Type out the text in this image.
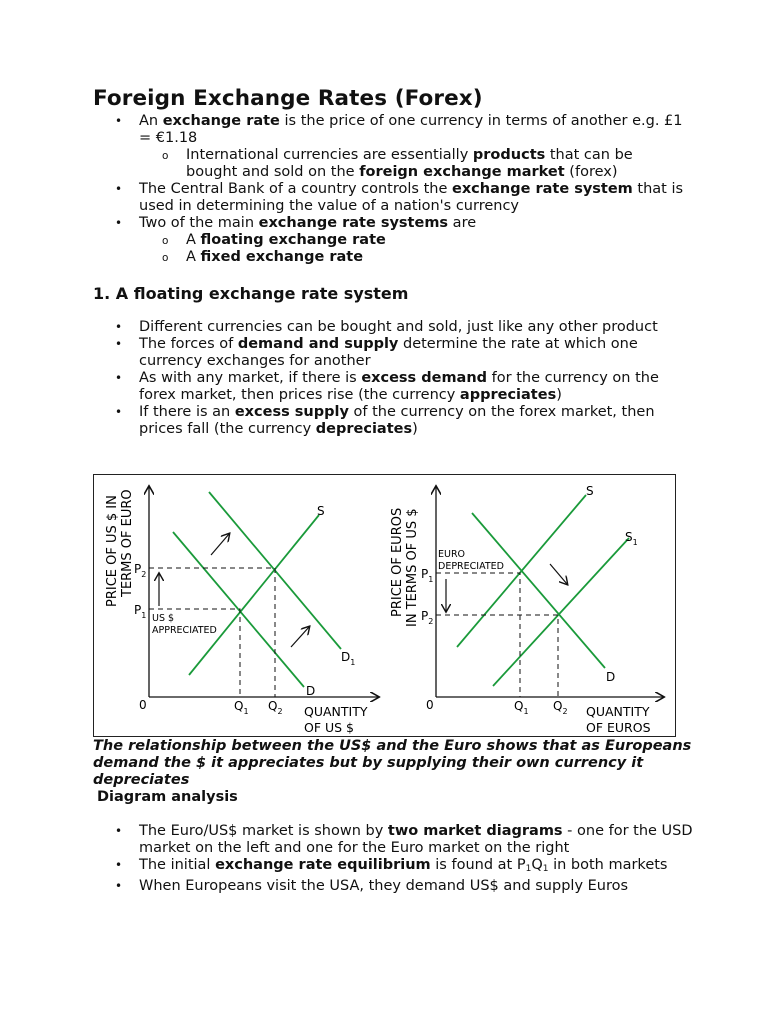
Foreign Exchange Rates (Forex)
• An exchange rate is the price of one currency in terms of another e.g. £1 = €1.18
o International currencies are essentially products that can be bought and sold on the foreign exchange market (forex)
• The Central Bank of a country controls the exchange rate system that is used in determining the value of a nation's currency
• Two of the main exchange rate systems are
o A floating exchange rate
o A fixed exchange rate
1. A floating exchange rate system
• Different currencies can be bought and sold, just like any other product
• The forces of demand and supply determine the rate at which one currency exchanges for another
• As with any market, if there is excess demand for the currency on the forex market, then prices rise (the currency appreciates)
• If there is an excess supply of the currency on the forex market, then prices fall (the currency depreciates)
PRICE OF US $ IN TERMS OF EURO $P_2$
$P_1$
0	$Q_1$ $Q_2$
S
D
$D_1$
US $
APPRECIATED
QUANTITY
OF US $
PRICE OF EUROS IN TERMS OF US $ $P_1$
$P_2$
0	$Q_1$ $Q_2$
S
$S_1$
D
EURO
DEPRECIATED
QUANTITY
OF EUROS
The relationship between the US$ and the Euro shows that as Europeans demand the $ it appreciates but by supplying their own currency it depreciates
Diagram analysis
• The Euro/US$ market is shown by two market diagrams - one for the USD market on the left and one for the Euro market on the right
• The initial exchange rate equilibrium is found at $P_1Q_1$ in both markets
• When Europeans visit the USA, they demand US$ and supply Euros
